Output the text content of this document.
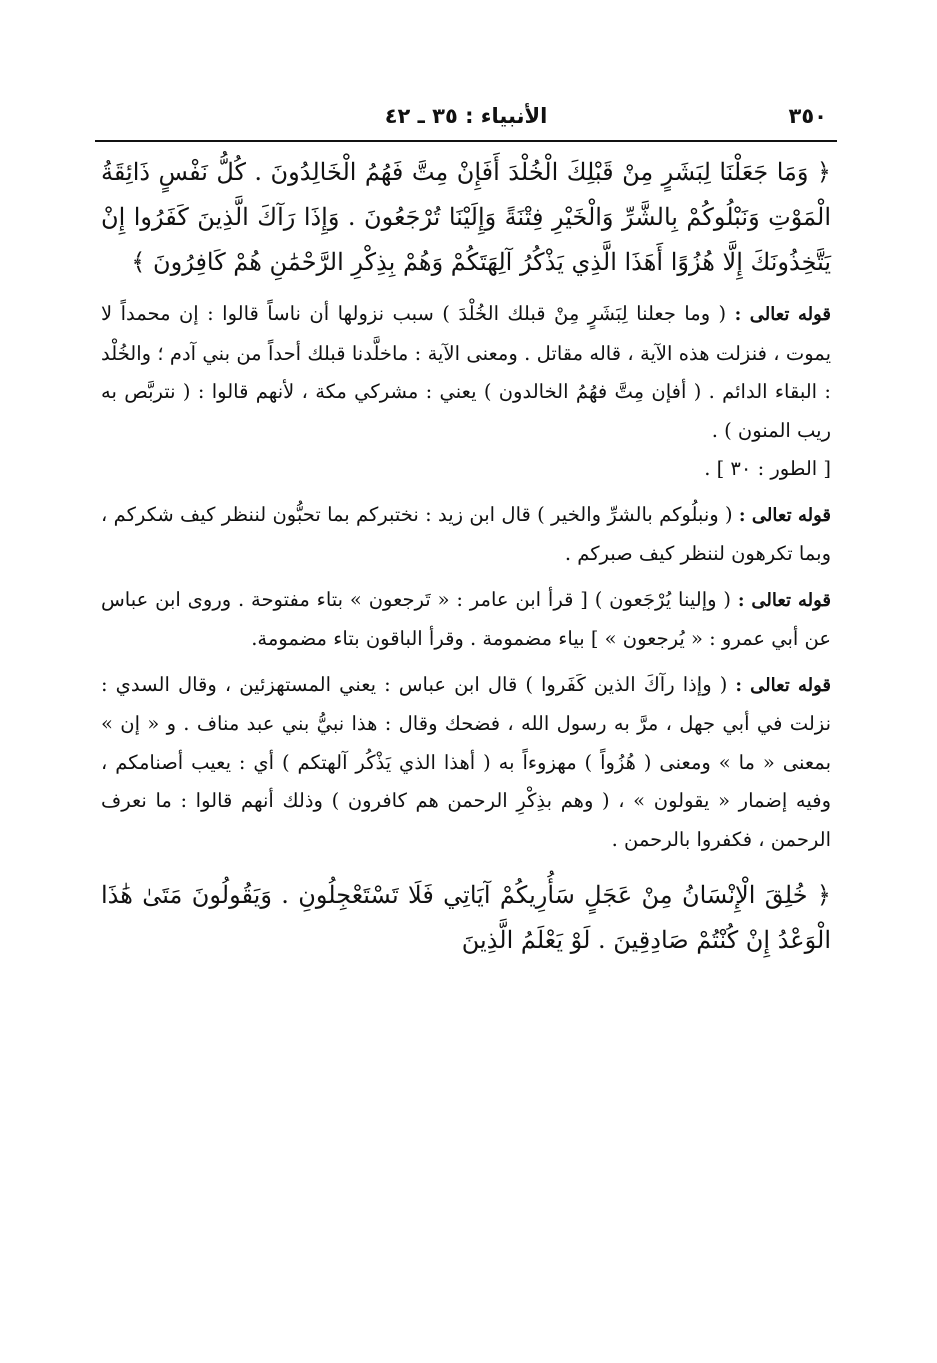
٣٥٠
الأنبياء : ٣٥ ـ ٤٢
﴿ وَمَا جَعَلْنَا لِبَشَرٍ مِنْ قَبْلِكَ الْخُلْدَ أَفَإِنْ مِتَّ فَهُمُ الْخَالِدُونَ . كُلُّ نَفْسٍ ذَائِقَةُ الْمَوْتِ وَنَبْلُوكُمْ بِالشَّرِّ وَالْخَيْرِ فِتْنَةً وَإِلَيْنَا تُرْجَعُونَ . وَإِذَا رَآكَ الَّذِينَ كَفَرُوا إِنْ يَتَّخِذُونَكَ إِلَّا هُزُوًا أَهَذَا الَّذِي يَذْكُرُ آلِهَتَكُمْ وَهُمْ بِذِكْرِ الرَّحْمَٰنِ هُمْ كَافِرُونَ ﴾

قوله تعالى : ( وما جعلنا لِبَشَرٍ مِنْ قبلك الخُلْدَ ) سبب نزولها أن ناساً قالوا : إن محمداً لا يموت ، فنزلت هذه الآية ، قاله مقاتل . ومعنى الآية : ماخلَّدنا قبلك أحداً من بني آدم ؛ والخُلْد : البقاء الدائم . ( أفإن مِتَّ فهُمُ الخالدون ) يعني : مشركي مكة ، لأنهم قالوا : ( نتربَّص به ريب المنون ) .
[ الطور : ٣٠ ] .

قوله تعالى : ( ونبلُوكم بالشرِّ والخير ) قال ابن زيد : نختبركم بما تحبُّون لننظر كيف شكركم ، وبما تكرهون لننظر كيف صبركم .

قوله تعالى : ( وإلينا يُرْجَعون ) [ قرأ ابن عامر : « تَرجعون » بتاء مفتوحة . وروى ابن عباس عن أبي عمرو : « يُرجعون » ] بياء مضمومة . وقرأ الباقون بتاء مضمومة.

قوله تعالى : ( وإذا رآكَ الذين كَفَروا ) قال ابن عباس : يعني المستهزئين ، وقال السدي : نزلت في أبي جهل ، مرَّ به رسول الله ، فضحك وقال : هذا نبيُّ بني عبد مناف . و « إن » بمعنى « ما » ومعنى ( هُزُواً ) مهزوءاً به ( أهذا الذي يَذْكُر آلهتكم ) أي : يعيب أصنامكم ، وفيه إضمار « يقولون » ، ( وهم بذِكْرِ الرحمن هم كافرون ) وذلك أنهم قالوا : ما نعرف الرحمن ، فكفروا بالرحمن .

﴿ خُلِقَ الْإِنْسَانُ مِنْ عَجَلٍ سَأُرِيكُمْ آيَاتِي فَلَا تَسْتَعْجِلُونِ . وَيَقُولُونَ مَتَىٰ هَٰذَا الْوَعْدُ إِنْ كُنْتُمْ صَادِقِينَ . لَوْ يَعْلَمُ الَّذِينَ
